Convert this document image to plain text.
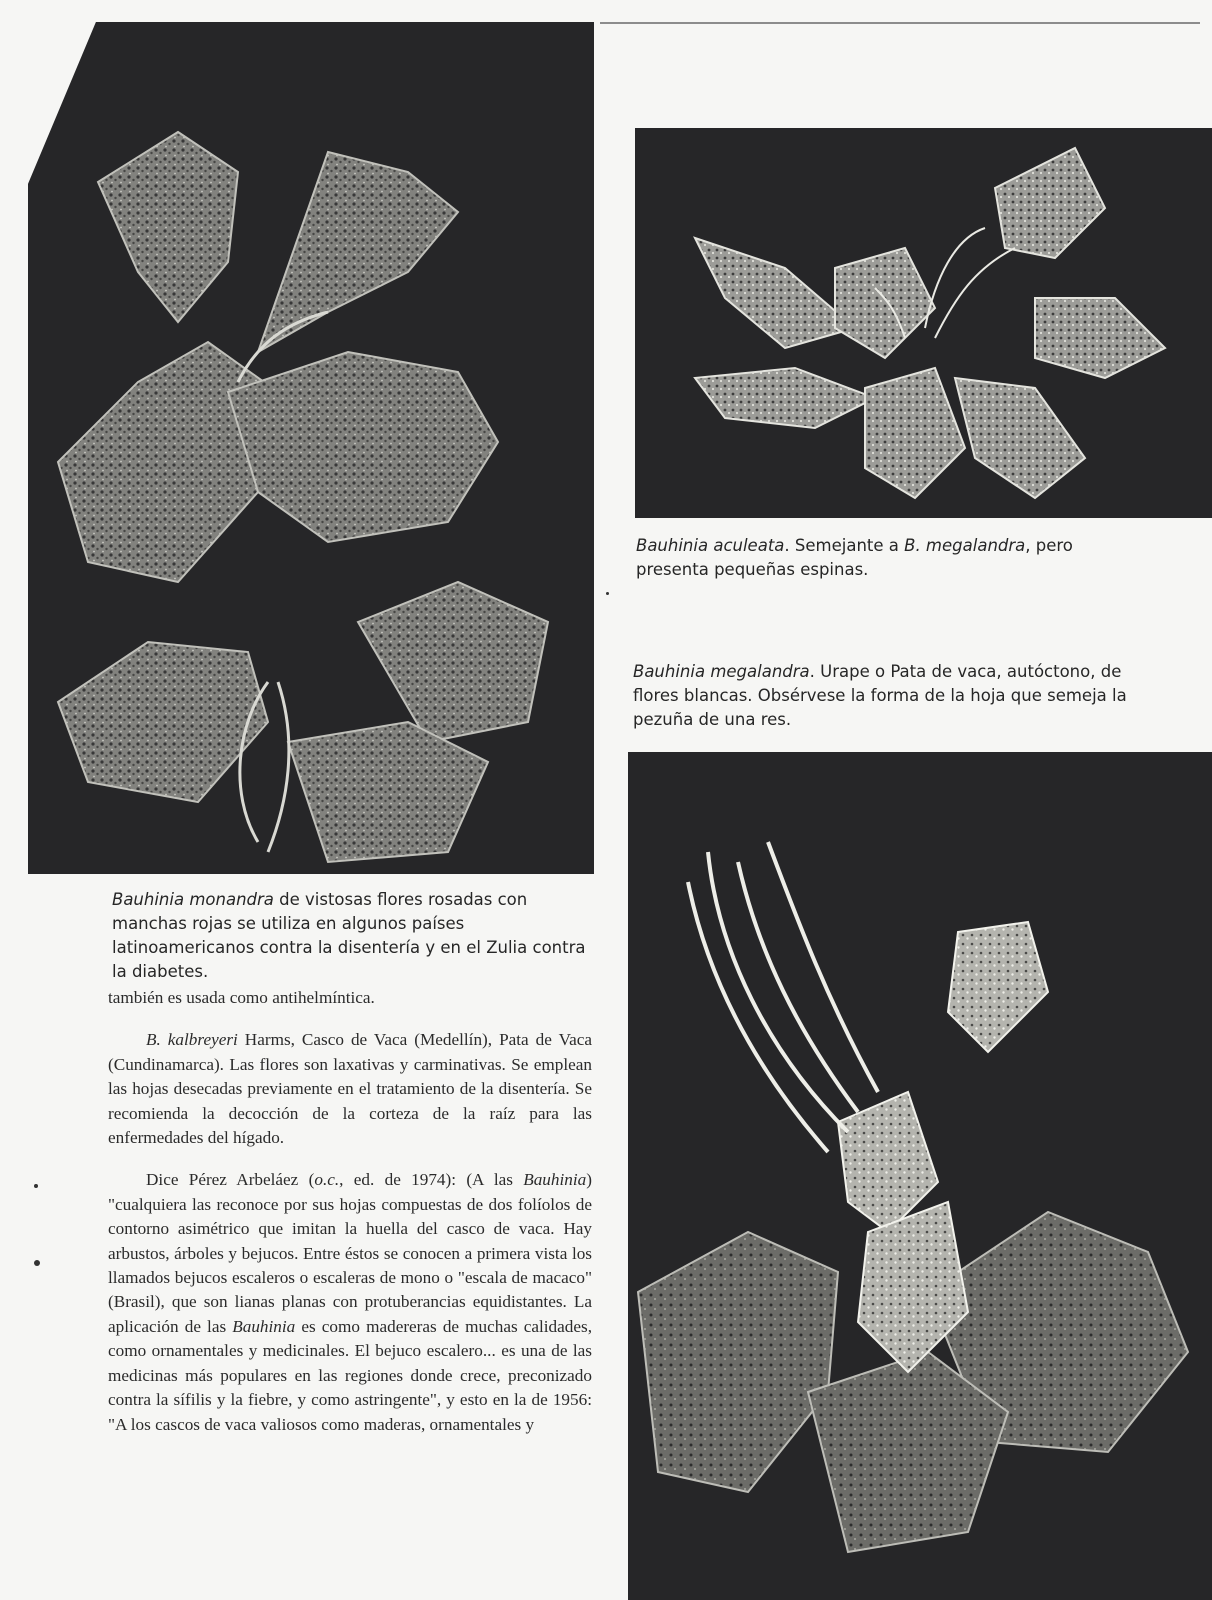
Bauhinia monandra de vistosas flores rosadas con manchas rojas se utiliza en algunos países latinoamericanos contra la disentería y en el Zulia contra la diabetes.
Bauhinia aculeata. Semejante a B. megalandra, pero presenta pequeñas espinas.
Bauhinia megalandra. Urape o Pata de vaca, autóctono, de flores blancas. Obsérvese la forma de la hoja que semeja la pezuña de una res.

también es usada como antihelmíntica.

B. kalbreyeri Harms, Casco de Vaca (Medellín), Pata de Vaca (Cundinamarca). Las flores son laxativas y carminativas. Se emplean las hojas desecadas previamente en el tratamiento de la disentería. Se recomienda la decocción de la corteza de la raíz para las enfermedades del hígado.

Dice Pérez Arbeláez (o.c., ed. de 1974): (A las Bauhinia) "cualquiera las reconoce por sus hojas compuestas de dos folíolos de contorno asimétrico que imitan la huella del casco de vaca. Hay arbustos, árboles y bejucos. Entre éstos se conocen a primera vista los llamados bejucos escaleros o escaleras de mono o "escala de macaco" (Brasil), que son lianas planas con protuberancias equidistantes. La aplicación de las Bauhinia es como madereras de muchas calidades, como ornamentales y medicinales. El bejuco escalero... es una de las medicinas más populares en las regiones donde crece, preconizado contra la sífilis y la fiebre, y como astringente", y esto en la de 1956: "A los cascos de vaca valiosos como maderas, ornamentales y
